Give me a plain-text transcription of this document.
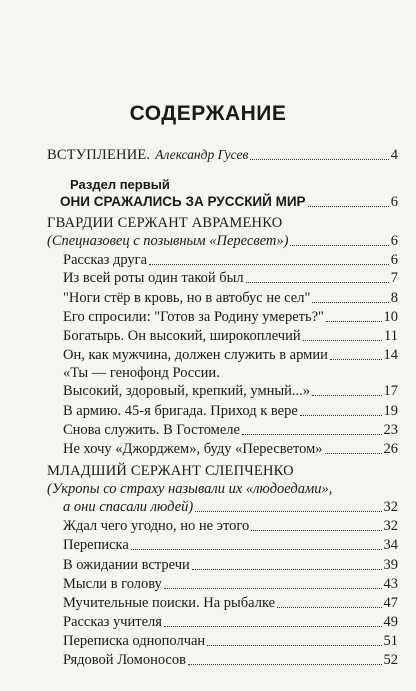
СОДЕРЖАНИЕ
ВСТУПЛЕНИЕ. Александр Гусев	4
Раздел первый
ОНИ СРАЖАЛИСЬ ЗА РУССКИЙ МИР	6
ГВАРДИИ СЕРЖАНТ АВРАМЕНКО
(Спецназовец с позывным «Пересвет»)	6
Рассказ друга	6
Из всей роты один такой был	7
"Ноги стёр в кровь, но в автобус не сел"	8
Его спросили: "Готов за Родину умереть?"	10
Богатырь. Он высокий, широкоплечий	11
Он, как мужчина, должен служить в армии	14
«Ты — генофонд России.
Высокий, здоровый, крепкий, умный...»	17
В армию. 45-я бригада. Приход к вере	19
Снова служить. В Гостомеле	23
Не хочу «Джорджем», буду «Пересветом»	26
МЛАДШИЙ СЕРЖАНТ СЛЕПЧЕНКО
(Укропы со страху называли их «людоедами»,
а они спасали людей)	32
Ждал чего угодно, но не этого	32
Переписка	34
В ожидании встречи	39
Мысли в голову	43
Мучительные поиски. На рыбалке	47
Рассказ учителя	49
Переписка однополчан	51
Рядовой Ломоносов	52
